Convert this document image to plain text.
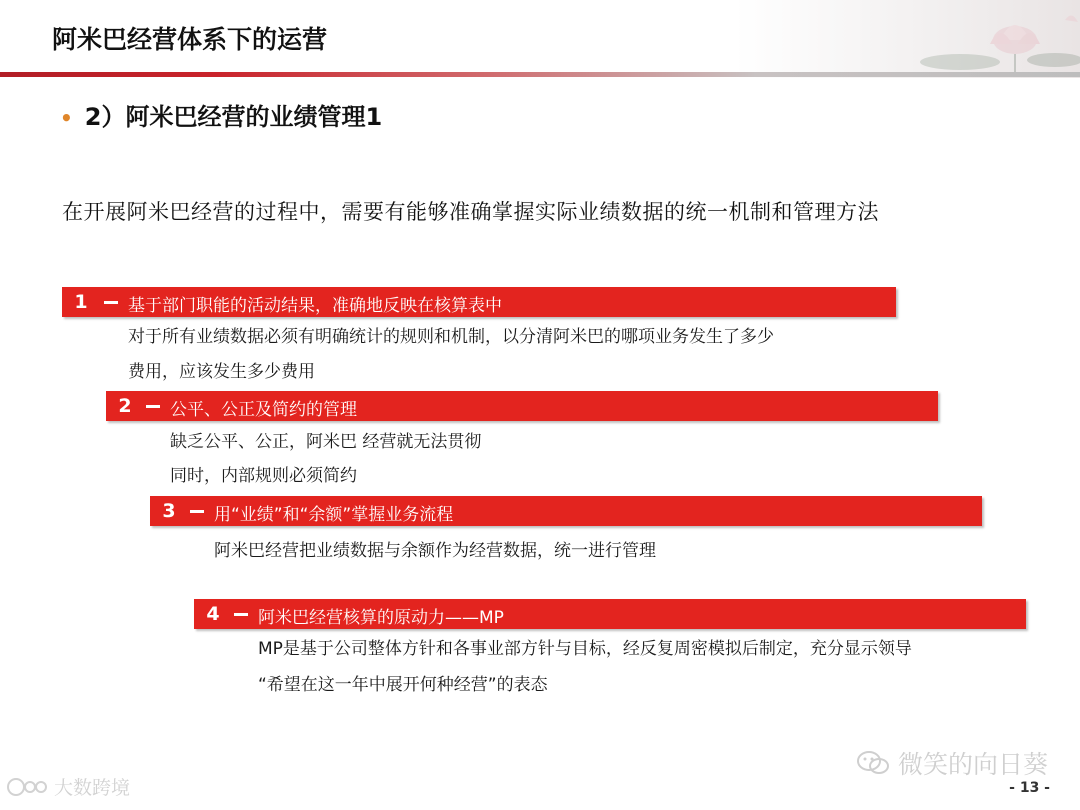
阿米巴经营体系下的运营
• 2）阿米巴经营的业绩管理1
在开展阿米巴经营的过程中，需要有能够准确掌握实际业绩数据的统一机制和管理方法
1	基于部门职能的活动结果，准确地反映在核算表中
对于所有业绩数据必须有明确统计的规则和机制，以分清阿米巴的哪项业务发生了多少
费用，应该发生多少费用
2	公平、公正及简约的管理
缺乏公平、公正，阿米巴 经营就无法贯彻
同时，内部规则必须简约
3	用“业绩”和“余额”掌握业务流程
阿米巴经营把业绩数据与余额作为经营数据，统一进行管理
4	阿米巴经营核算的原动力——MP
MP是基于公司整体方针和各事业部方针与目标，经反复周密模拟后制定，充分显示领导
“希望在这一年中展开何种经营”的表态
微笑的向日葵
大数跨境	- 13 -
